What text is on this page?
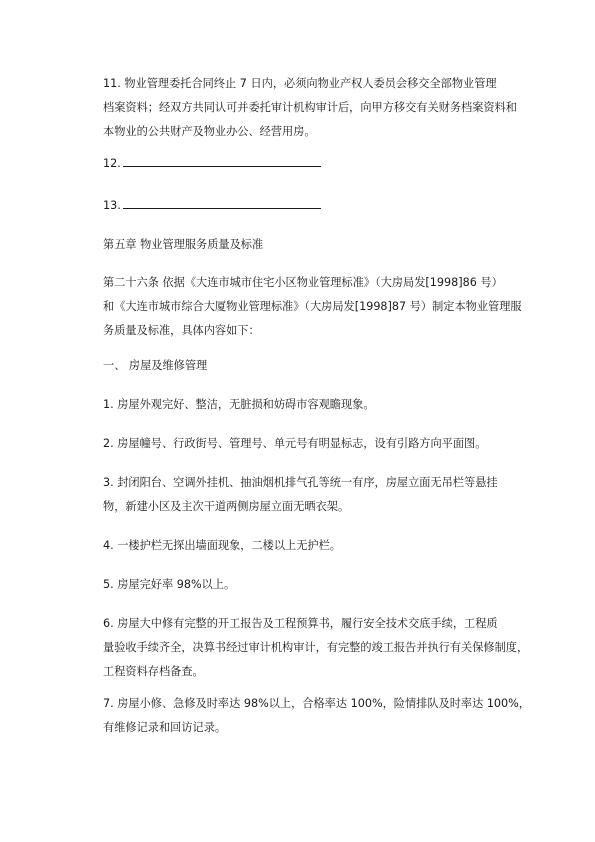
11. 物业管理委托合同终止 7 日内，必须向物业产权人委员会移交全部物业管理
档案资料；经双方共同认可并委托审计机构审计后，向甲方移交有关财务档案资料和
本物业的公共财产及物业办公、经营用房。

12.

13.

第五章 物业管理服务质量及标准

第二十六条 依据《大连市城市住宅小区物业管理标准》（大房局发[1998]86 号）
和《大连市城市综合大厦物业管理标准》（大房局发[1998]87 号）制定本物业管理服
务质量及标准，具体内容如下：

一、 房屋及维修管理

1. 房屋外观完好、整洁，无脏损和妨碍市容观瞻现象。

2. 房屋幢号、行政街号、管理号、单元号有明显标志，设有引路方向平面图。

3. 封闭阳台、空调外挂机、抽油烟机排气孔等统一有序，房屋立面无吊栏等悬挂
物，新建小区及主次干道两侧房屋立面无晒衣架。

4. 一楼护栏无探出墙面现象，二楼以上无护栏。

5. 房屋完好率 98%以上。

6. 房屋大中修有完整的开工报告及工程预算书，履行安全技术交底手续，工程质
量验收手续齐全，决算书经过审计机构审计，有完整的竣工报告并执行有关保修制度，
工程资料存档备查。

7. 房屋小修、急修及时率达 98%以上，合格率达 100%，险情排队及时率达 100%，
有维修记录和回访记录。
